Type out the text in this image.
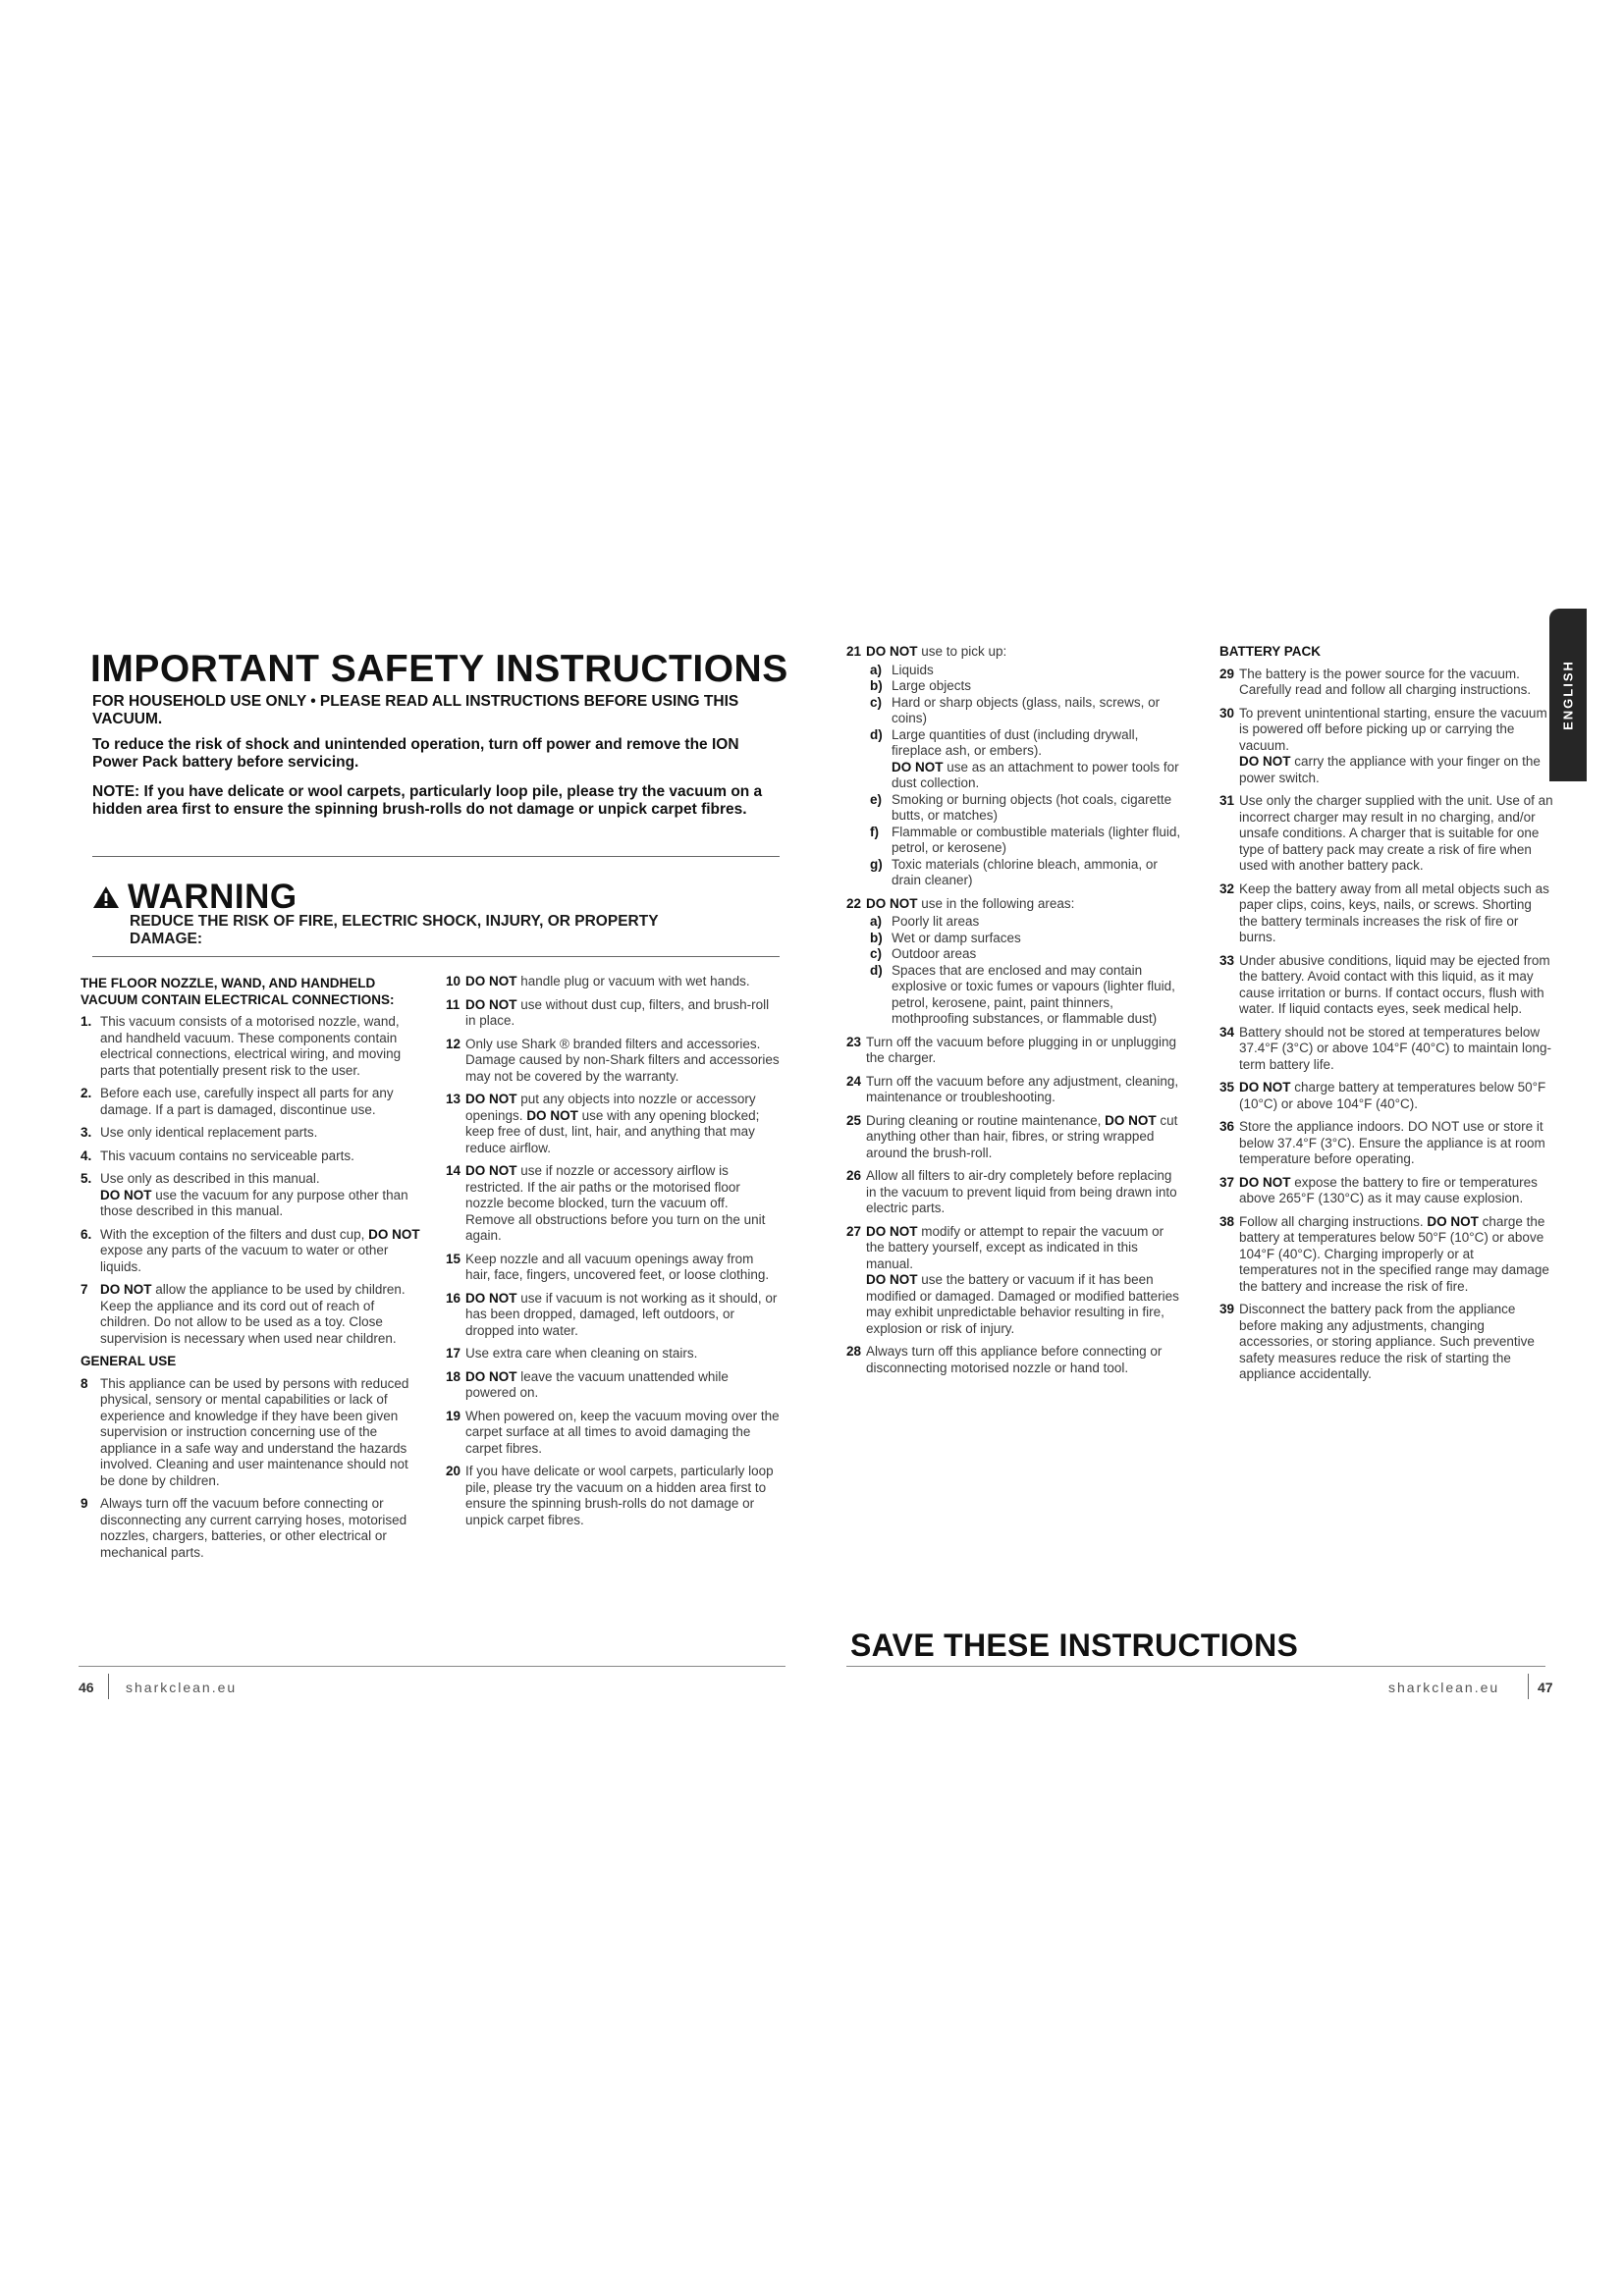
IMPORTANT SAFETY INSTRUCTIONS

FOR HOUSEHOLD USE ONLY • PLEASE READ ALL INSTRUCTIONS BEFORE USING THIS VACUUM.

To reduce the risk of shock and unintended operation, turn off power and remove the ION Power Pack battery before servicing.

NOTE: If you have delicate or wool carpets, particularly loop pile, please try the vacuum on a hidden area first to ensure the spinning brush-rolls do not damage or unpick carpet fibres.

WARNING

REDUCE THE RISK OF FIRE, ELECTRIC SHOCK, INJURY, OR PROPERTY DAMAGE:

THE FLOOR NOZZLE, WAND, AND HANDHELD VACUUM CONTAIN ELECTRICAL CONNECTIONS:

1. This vacuum consists of a motorised nozzle, wand, and handheld vacuum. These components contain electrical connections, electrical wiring, and moving parts that potentially present risk to the user.
2. Before each use, carefully inspect all parts for any damage. If a part is damaged, discontinue use.
3. Use only identical replacement parts.
4. This vacuum contains no serviceable parts.
5. Use only as described in this manual.
DO NOT use the vacuum for any purpose other than those described in this manual.
6. With the exception of the filters and dust cup, DO NOT expose any parts of the vacuum to water or other liquids.
7 DO NOT allow the appliance to be used by children. Keep the appliance and its cord out of reach of children. Do not allow to be used as a toy. Close supervision is necessary when used near children.

GENERAL USE

8 This appliance can be used by persons with reduced physical, sensory or mental capabilities or lack of experience and knowledge if they have been given supervision or instruction concerning use of the appliance in a safe way and understand the hazards involved. Cleaning and user maintenance should not be done by children.
9 Always turn off the vacuum before connecting or disconnecting any current carrying hoses, motorised nozzles, chargers, batteries, or other electrical or mechanical parts.
10 DO NOT handle plug or vacuum with wet hands.
11 DO NOT use without dust cup, filters, and brush-roll in place.
12 Only use Shark ® branded filters and accessories. Damage caused by non-Shark filters and accessories may not be covered by the warranty.
13 DO NOT put any objects into nozzle or accessory openings. DO NOT use with any opening blocked; keep free of dust, lint, hair, and anything that may reduce airflow.
14 DO NOT use if nozzle or accessory airflow is restricted. If the air paths or the motorised floor nozzle become blocked, turn the vacuum off. Remove all obstructions before you turn on the unit again.
15 Keep nozzle and all vacuum openings away from hair, face, fingers, uncovered feet, or loose clothing.
16 DO NOT use if vacuum is not working as it should, or has been dropped, damaged, left outdoors, or dropped into water.
17 Use extra care when cleaning on stairs.
18 DO NOT leave the vacuum unattended while powered on.
19 When powered on, keep the vacuum moving over the carpet surface at all times to avoid damaging the carpet fibres.
20 If you have delicate or wool carpets, particularly loop pile, please try the vacuum on a hidden area first to ensure the spinning brush-rolls do not damage or unpick carpet fibres.
46 sharkclean.eu
21 DO NOT use to pick up:
a) Liquids
b) Large objects
c) Hard or sharp objects (glass, nails, screws, or coins)
d) Large quantities of dust (including drywall, fireplace ash, or embers).
DO NOT use as an attachment to power tools for dust collection.
e) Smoking or burning objects (hot coals, cigarette butts, or matches)
f) Flammable or combustible materials (lighter fluid, petrol, or kerosene)
g) Toxic materials (chlorine bleach, ammonia, or drain cleaner)
22 DO NOT use in the following areas:
a) Poorly lit areas
b) Wet or damp surfaces
c) Outdoor areas
d) Spaces that are enclosed and may contain explosive or toxic fumes or vapours (lighter fluid, petrol, kerosene, paint, paint thinners, mothproofing substances, or flammable dust)
23 Turn off the vacuum before plugging in or unplugging the charger.
24 Turn off the vacuum before any adjustment, cleaning, maintenance or troubleshooting.
25 During cleaning or routine maintenance, DO NOT cut anything other than hair, fibres, or string wrapped around the brush-roll.
26 Allow all filters to air-dry completely before replacing in the vacuum to prevent liquid from being drawn into electric parts.
27 DO NOT modify or attempt to repair the vacuum or the battery yourself, except as indicated in this manual.
DO NOT use the battery or vacuum if it has been modified or damaged. Damaged or modified batteries may exhibit unpredictable behavior resulting in fire, explosion or risk of injury.
28 Always turn off this appliance before connecting or disconnecting motorised nozzle or hand tool.

BATTERY PACK

29 The battery is the power source for the vacuum. Carefully read and follow all charging instructions.
30 To prevent unintentional starting, ensure the vacuum is powered off before picking up or carrying the vacuum.
DO NOT carry the appliance with your finger on the power switch.
31 Use only the charger supplied with the unit. Use of an incorrect charger may result in no charging, and/or unsafe conditions. A charger that is suitable for one type of battery pack may create a risk of fire when used with another battery pack.
32 Keep the battery away from all metal objects such as paper clips, coins, keys, nails, or screws. Shorting the battery terminals increases the risk of fire or burns.
33 Under abusive conditions, liquid may be ejected from the battery. Avoid contact with this liquid, as it may cause irritation or burns. If contact occurs, flush with water. If liquid contacts eyes, seek medical help.
34 Battery should not be stored at temperatures below 37.4°F (3°C) or above 104°F (40°C) to maintain long-term battery life.
35 DO NOT charge battery at temperatures below 50°F (10°C) or above 104°F (40°C).
36 Store the appliance indoors. DO NOT use or store it below 37.4°F (3°C). Ensure the appliance is at room temperature before operating.
37 DO NOT expose the battery to fire or temperatures above 265°F (130°C) as it may cause explosion.
38 Follow all charging instructions. DO NOT charge the battery at temperatures below 50°F (10°C) or above 104°F (40°C). Charging improperly or at temperatures not in the specified range may damage the battery and increase the risk of fire.
39 Disconnect the battery pack from the appliance before making any adjustments, changing accessories, or storing appliance. Such preventive safety measures reduce the risk of starting the appliance accidentally.
SAVE THESE INSTRUCTIONS
sharkclean.eu	47
ENGLISH
